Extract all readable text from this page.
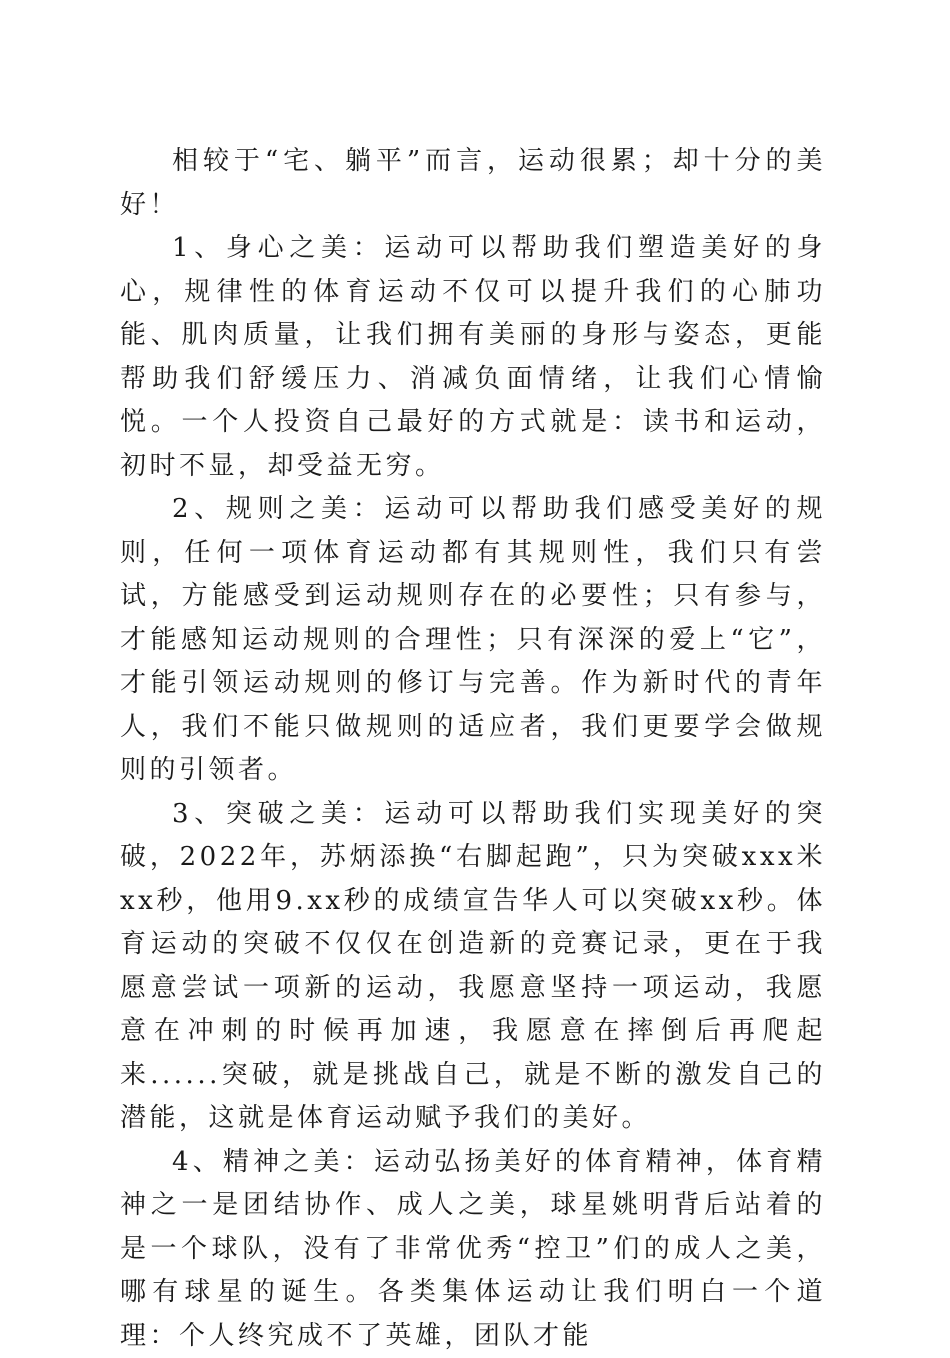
相较于“宅、躺平”而言，运动很累；却十分的美好！

1、身心之美：运动可以帮助我们塑造美好的身心，规律性的体育运动不仅可以提升我们的心肺功能、肌肉质量，让我们拥有美丽的身形与姿态，更能帮助我们舒缓压力、消减负面情绪，让我们心情愉悦。一个人投资自己最好的方式就是：读书和运动，初时不显，却受益无穷。

2、规则之美：运动可以帮助我们感受美好的规则，任何一项体育运动都有其规则性，我们只有尝试，方能感受到运动规则存在的必要性；只有参与，才能感知运动规则的合理性；只有深深的爱上“它”，才能引领运动规则的修订与完善。作为新时代的青年人，我们不能只做规则的适应者，我们更要学会做规则的引领者。

3、突破之美：运动可以帮助我们实现美好的突破，2022年，苏炳添换“右脚起跑”，只为突破xxx米xx秒，他用9.xx秒的成绩宣告华人可以突破xx秒。体育运动的突破不仅仅在创造新的竞赛记录，更在于我愿意尝试一项新的运动，我愿意坚持一项运动，我愿意在冲刺的时候再加速，我愿意在摔倒后再爬起来......突破，就是挑战自己，就是不断的激发自己的潜能，这就是体育运动赋予我们的美好。

4、精神之美：运动弘扬美好的体育精神，体育精神之一是团结协作、成人之美，球星姚明背后站着的是一个球队，没有了非常优秀“控卫”们的成人之美，哪有球星的诞生。各类集体运动让我们明白一个道理：个人终究成不了英雄，团队才能
